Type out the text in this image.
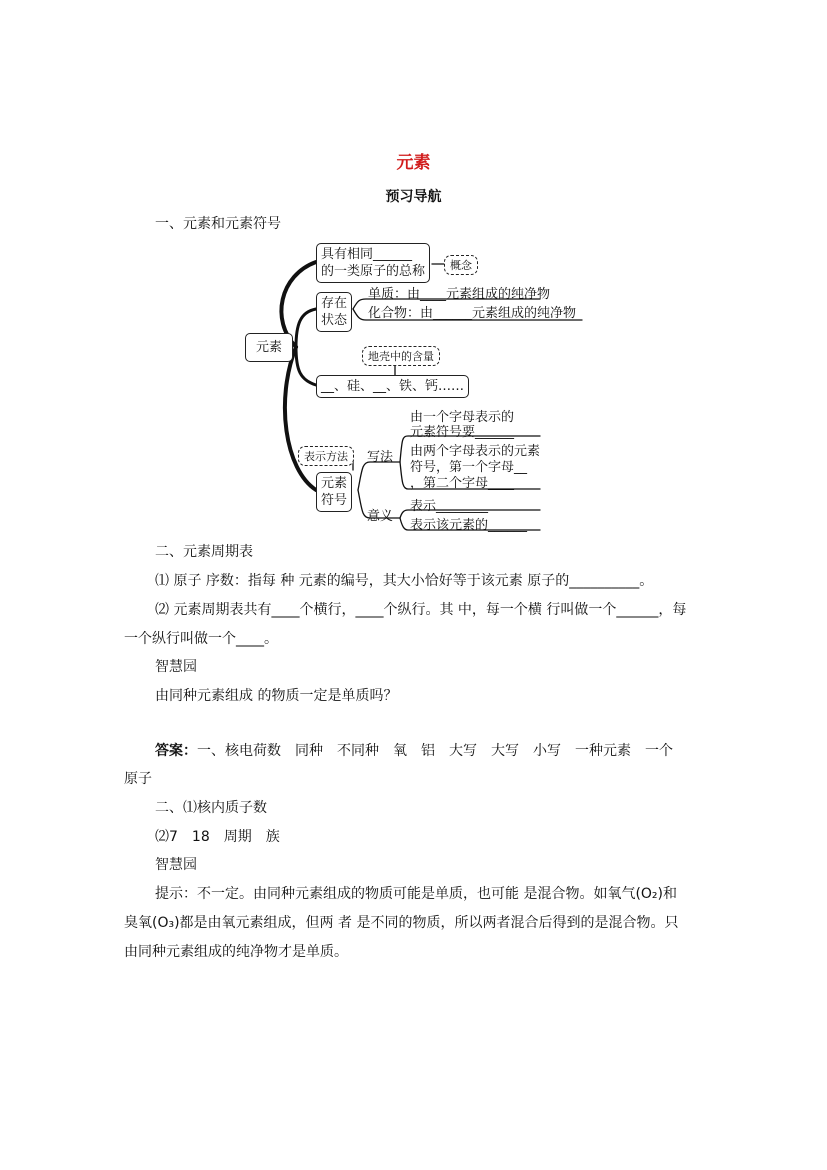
元素
预习导航
一、元素和元素符号
元素
具有相同______
的一类原子的总称	概念
存在
状态
单质：由____元素组成的纯净物
化合物：由______元素组成的纯净物
地壳中的含量
__、硅、__、铁、钙……
表示方法
元素
符号
写法
由一个字母表示的
元素符号要______
由两个字母表示的元素
符号，第一个字母__
，第二个字母____
意义
表示________
表示该元素的______
二、元素周期表
⑴ 原子 序数：指每 种 元素的编号，其大小恰好等于该元素 原子的__________。
⑵ 元素周期表共有____个横行，____个纵行。其 中，每一个横 行叫做一个______，每
一个纵行叫做一个____。
智慧园
由同种元素组成 的物质一定是单质吗？
答案：一、核电荷数　同种　不同种　氧　铝　大写　大写　小写　一种元素　一个
原子
二、⑴核内质子数
⑵7　18　周期　族
智慧园
提示：不一定。由同种元素组成的物质可能是单质，也可能 是混合物。如氧气(O₂)和
臭氧(O₃)都是由氧元素组成，但两 者 是不同的物质，所以两者混合后得到的是混合物。只
由同种元素组成的纯净物才是单质。
